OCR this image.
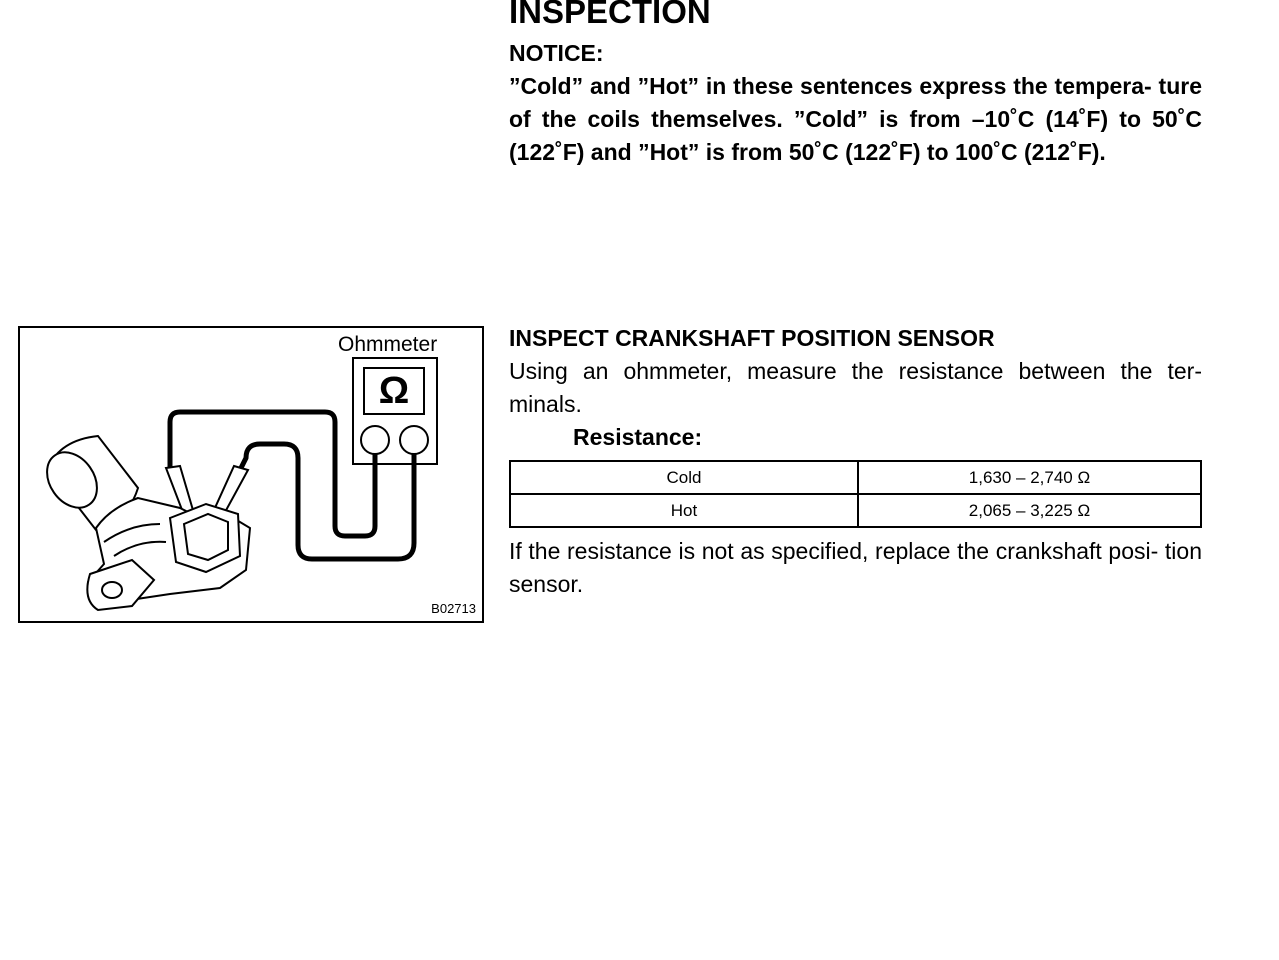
INSPECTION

NOTICE:

”Cold” and ”Hot” in these sentences express the tempera- ture of the coils themselves. ”Cold” is from –10˚C (14˚F) to 50˚C (122˚F) and ”Hot” is from 50˚C (122˚F) to 100˚C (212˚F).

Ohmmeter
Ω
B02713
INSPECT CRANKSHAFT POSITION SENSOR

Using an ohmmeter, measure the resistance between the ter- minals.

Resistance:

Cold	1,630 – 2,740 Ω
Hot	2,065 – 3,225 Ω

If the resistance is not as specified, replace the crankshaft posi- tion sensor.
